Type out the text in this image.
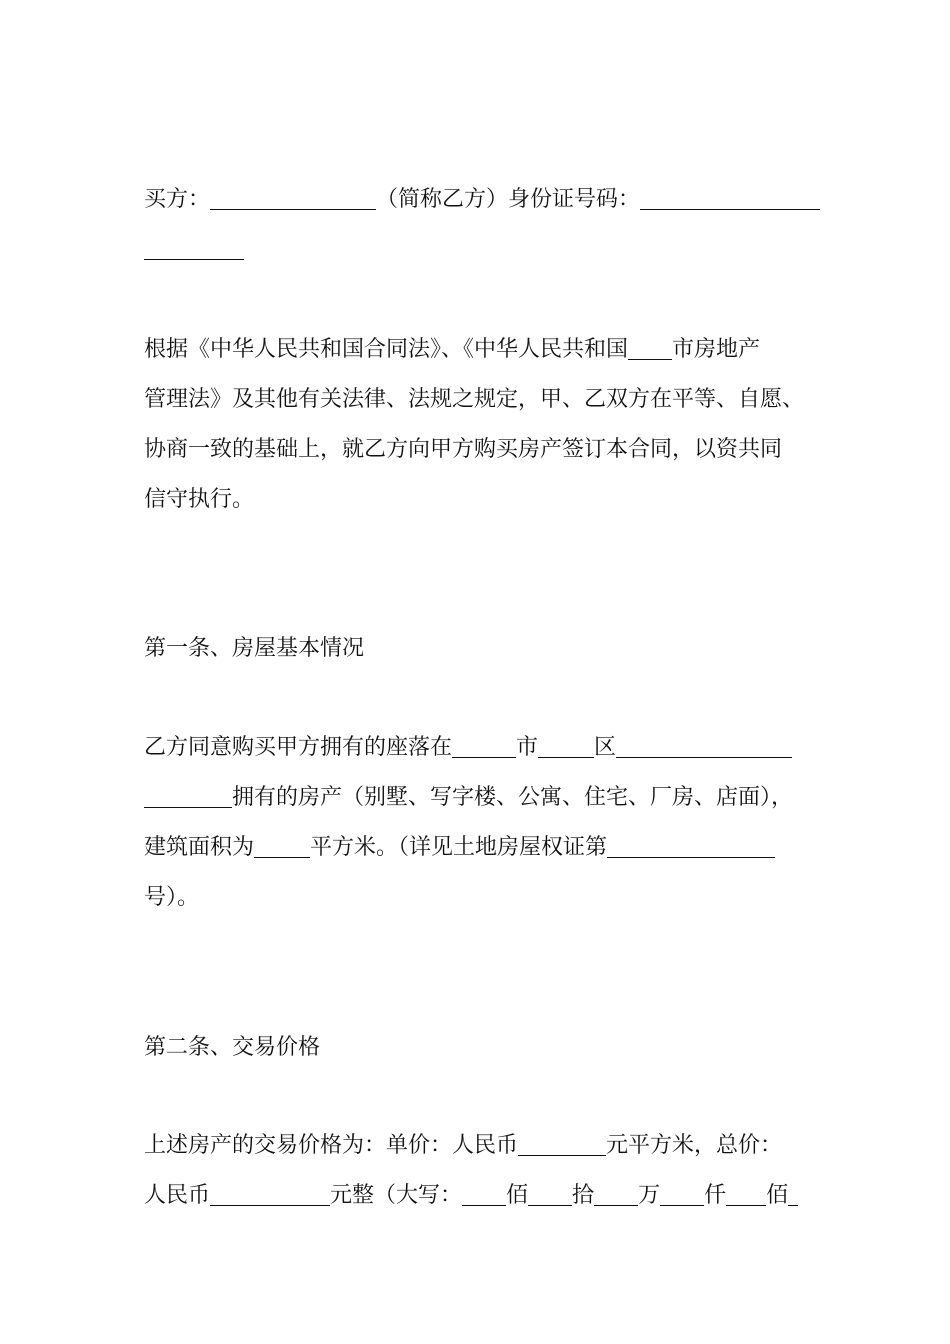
买方：	（简称乙方）身份证号码：
根据《中华人民共和国合同法》、《中华人民共和国 市房地产
管理法》及其他有关法律、法规之规定，甲、乙双方在平等、自愿、
协商一致的基础上，就乙方向甲方购买房产签订本合同，以资共同
信守执行。
第一条、房屋基本情况
乙方同意购买甲方拥有的座落在	市	区
拥有的房产（别墅、写字楼、公寓、住宅、厂房、店面），
建筑面积为	平方米。（详见土地房屋权证第
号）。
第二条、交易价格
上述房产的交易价格为：单价：人民币	元平方米，总价：
人民币	元整（大写： 佰 拾 万 仟 佰
